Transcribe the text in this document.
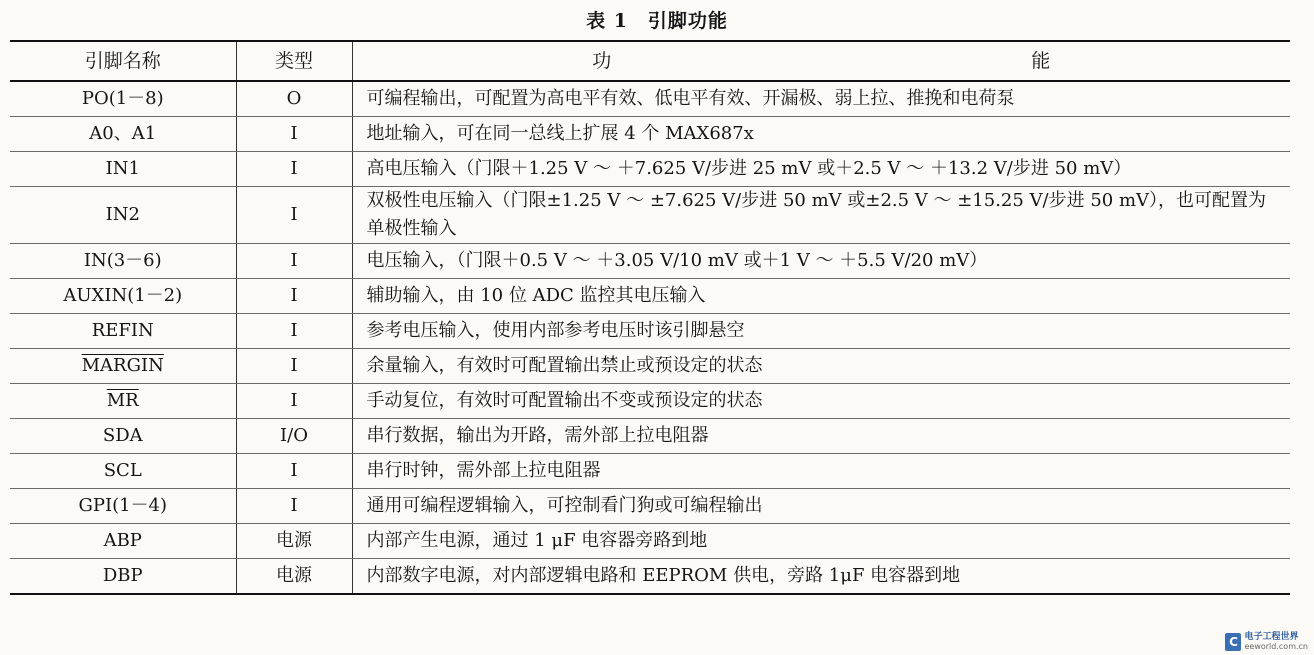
表 1　引脚功能
引脚名称	类型	功 能
PO(1－8)	O	可编程输出，可配置为高电平有效、低电平有效、开漏极、弱上拉、推挽和电荷泵
A0、A1	I	地址输入，可在同一总线上扩展 4 个 MAX687x
IN1	I	高电压输入（门限＋1.25 V ～ ＋7.625 V/步进 25 mV 或＋2.5 V ～ ＋13.2 V/步进 50 mV）
IN2	I	双极性电压输入（门限±1.25 V ～ ±7.625 V/步进 50 mV 或±2.5 V ～ ±15.25 V/步进 50 mV），也可配置为单极性输入
IN(3－6)	I	电压输入，（门限＋0.5 V ～ ＋3.05 V/10 mV 或＋1 V ～ ＋5.5 V/20 mV）
AUXIN(1－2)	I	辅助输入，由 10 位 ADC 监控其电压输入
REFIN	I	参考电压输入，使用内部参考电压时该引脚悬空
MARGIN	I	余量输入，有效时可配置输出禁止或预设定的状态
$\overline{MR}$	I	手动复位，有效时可配置输出不变或预设定的状态
SDA	I/O	串行数据，输出为开路，需外部上拉电阻器
SCL	I	串行时钟，需外部上拉电阻器
GPI(1－4)	I	通用可编程逻辑输入，可控制看门狗或可编程输出
ABP	电源	内部产生电源，通过 1 μF 电容器旁路到地
DBP	电源	内部数字电源，对内部逻辑电路和 EEPROM 供电，旁路 1μF 电容器到地
C 电子工程世界
eeworld.com.cn
